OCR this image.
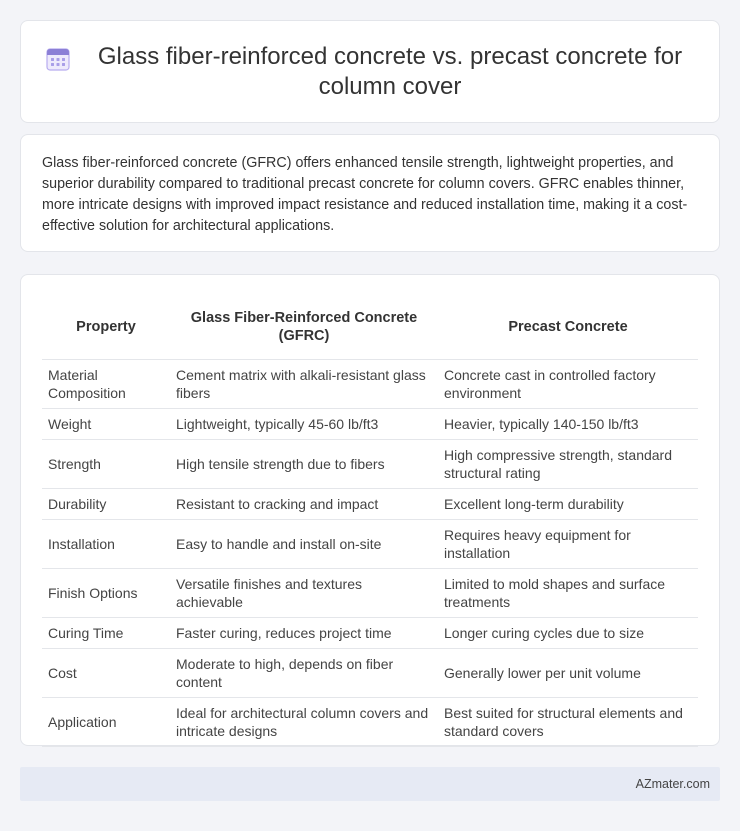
Glass fiber-reinforced concrete vs. precast concrete for column cover

Glass fiber-reinforced concrete (GFRC) offers enhanced tensile strength, lightweight properties, and superior durability compared to traditional precast concrete for column covers. GFRC enables thinner, more intricate designs with improved impact resistance and reduced installation time, making it a cost-effective solution for architectural applications.

Property	Glass Fiber-Reinforced Concrete (GFRC)	Precast Concrete
Material Composition	Cement matrix with alkali-resistant glass fibers	Concrete cast in controlled factory environment
Weight	Lightweight, typically 45-60 lb/ft3	Heavier, typically 140-150 lb/ft3
Strength	High tensile strength due to fibers	High compressive strength, standard structural rating
Durability	Resistant to cracking and impact	Excellent long-term durability
Installation	Easy to handle and install on-site	Requires heavy equipment for installation
Finish Options	Versatile finishes and textures achievable	Limited to mold shapes and surface treatments
Curing Time	Faster curing, reduces project time	Longer curing cycles due to size
Cost	Moderate to high, depends on fiber content	Generally lower per unit volume
Application	Ideal for architectural column covers and intricate designs	Best suited for structural elements and standard covers
AZmater.com
